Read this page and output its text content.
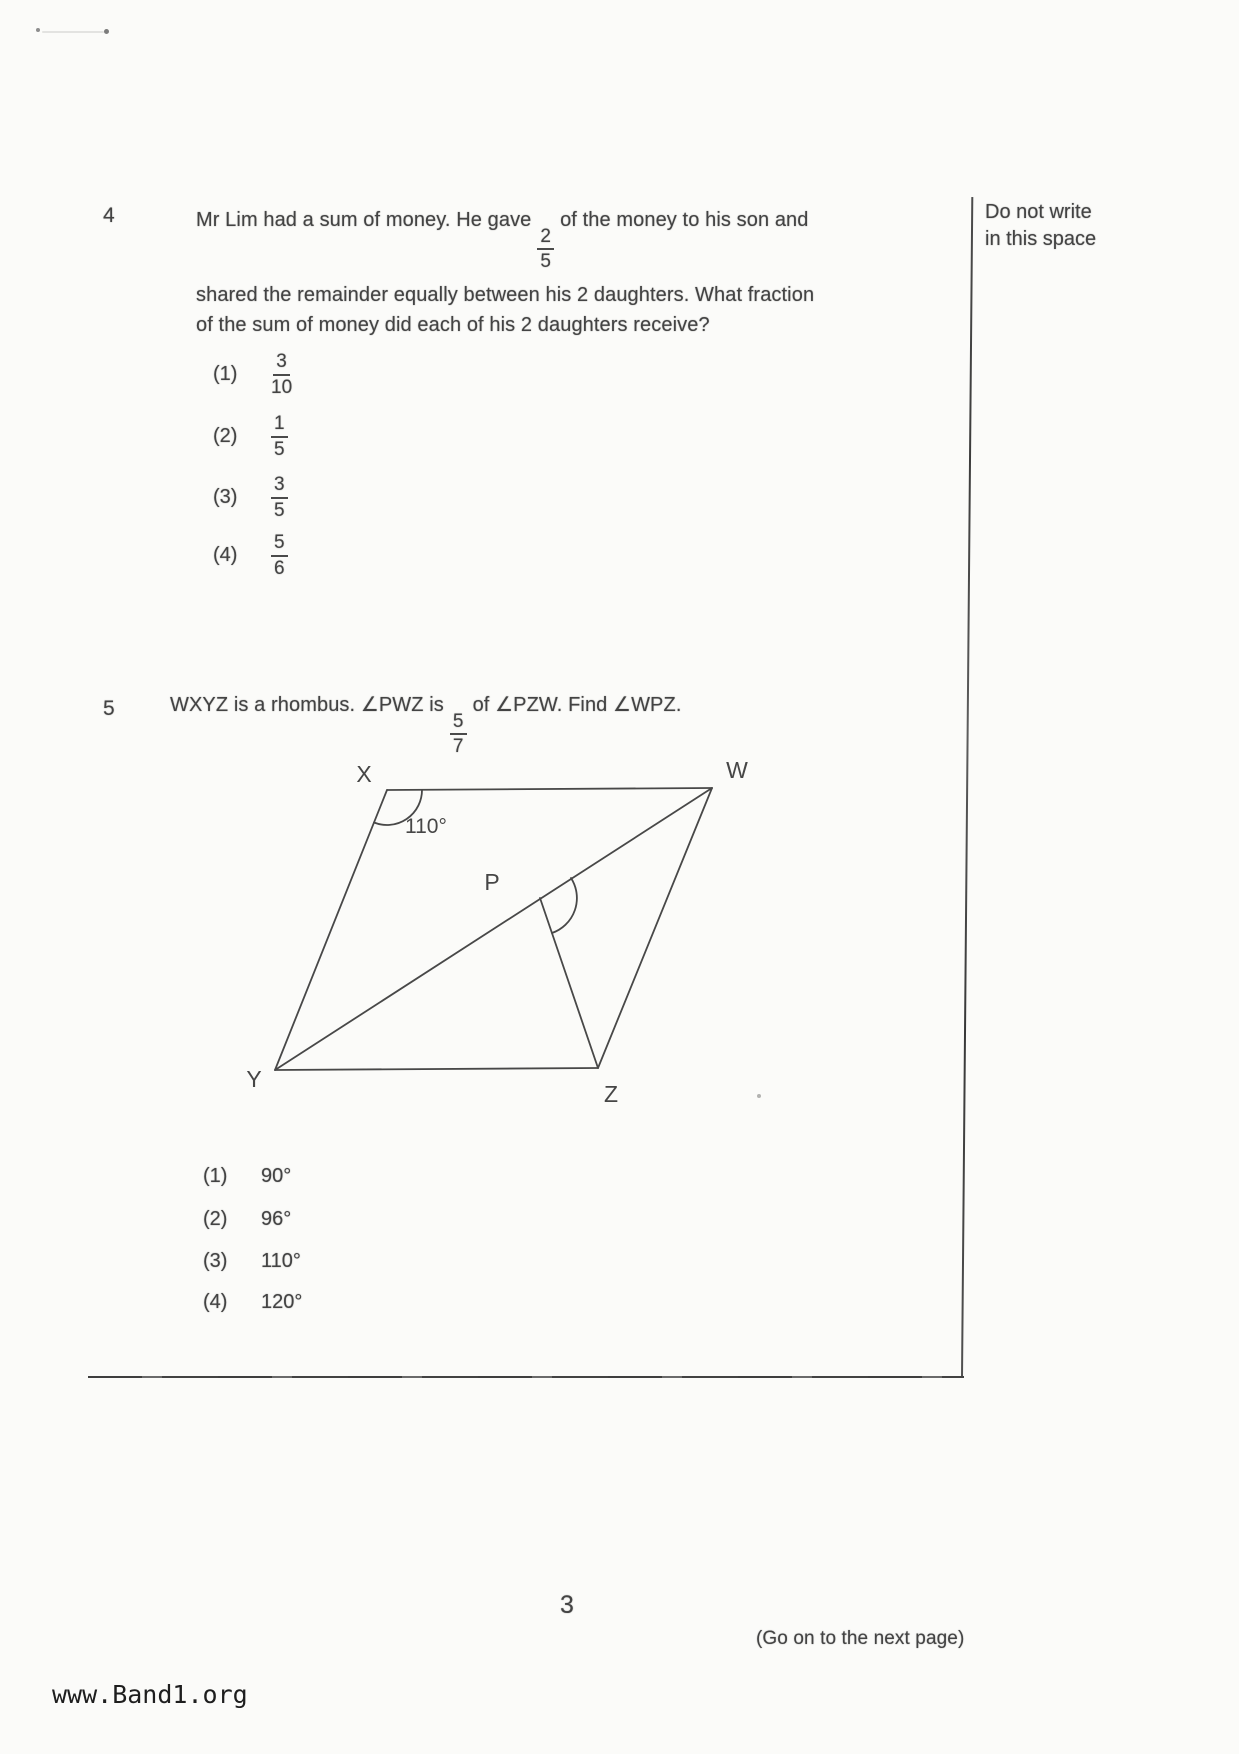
Do not write
in this space
4	Mr Lim had a sum of money. He gave
$\frac{2}{5}$
of the money to his son and
shared the remainder equally between his 2 daughters. What fraction
of the sum of money did each of his 2 daughters receive?
(1)	$\frac{3}{10}$
(2)	$\frac{1}{5}$
(3)	$\frac{3}{5}$
(4)	$\frac{5}{6}$
5	WXYZ is a rhombus. ∠PWZ is
$\frac{5}{7}$
of ∠PZW. Find ∠WPZ.
X	W
Y
Z
P
110°
(1)	90°
(2)	96°
(3)	110°
(4)	120°
3
(Go on to the next page)
www.Band1.org
